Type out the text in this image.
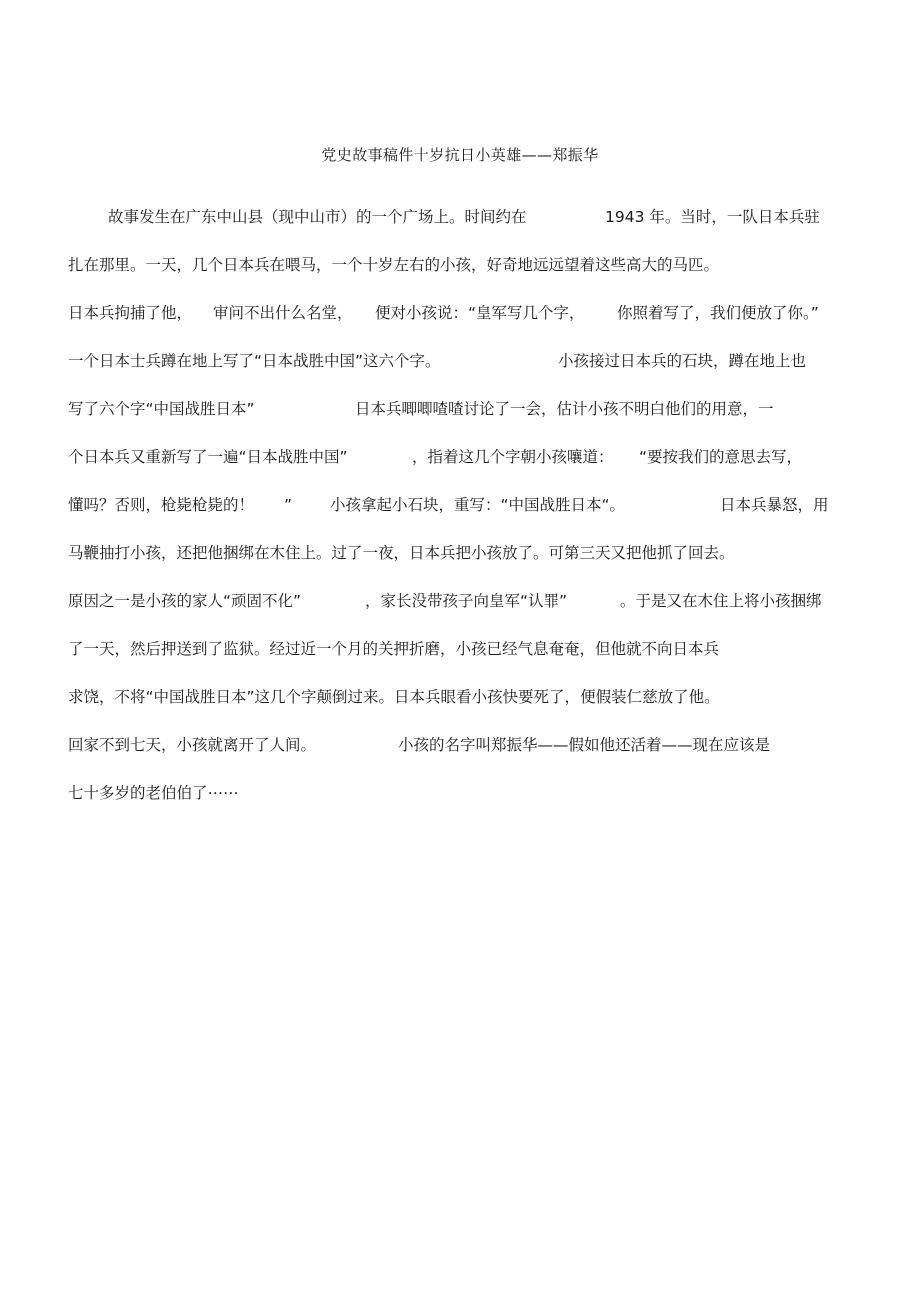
党史故事稿件十岁抗日小英雄——郑振华
故事发生在广东中山县（现中山市）的一个广场上。时间约在	1943 年。当时，一队日本兵驻
扎在那里。一天，几个日本兵在喂马，一个十岁左右的小孩，好奇地远远望着这些高大的马匹。
日本兵拘捕了他， 审问不出什么名堂， 便对小孩说：“皇军写几个字， 你照着写了，我们便放了你。”
一个日本士兵蹲在地上写了“日本战胜中国”这六个字。	小孩接过日本兵的石块，蹲在地上也
写了六个字“中国战胜日本”	日本兵唧唧喳喳讨论了一会，估计小孩不明白他们的用意，一
个日本兵又重新写了一遍“日本战胜中国”	，指着这几个字朝小孩嚷道： “要按我们的意思去写，
懂吗？否则，枪毙枪毙的！ ” 小孩拿起小石块，重写：“中国战胜日本“。	日本兵暴怒，用
马鞭抽打小孩，还把他捆绑在木住上。过了一夜，日本兵把小孩放了。可第三天又把他抓了回去。
原因之一是小孩的家人“顽固不化”	，家长没带孩子向皇军“认罪”	。于是又在木住上将小孩捆绑
了一天，然后押送到了监狱。经过近一个月的关押折磨，小孩已经气息奄奄，但他就不向日本兵
求饶，不将“中国战胜日本”这几个字颠倒过来。日本兵眼看小孩快要死了，便假装仁慈放了他。
回家不到七天，小孩就离开了人间。	小孩的名字叫郑振华——假如他还活着——现在应该是
七十多岁的老伯伯了⋯⋯
